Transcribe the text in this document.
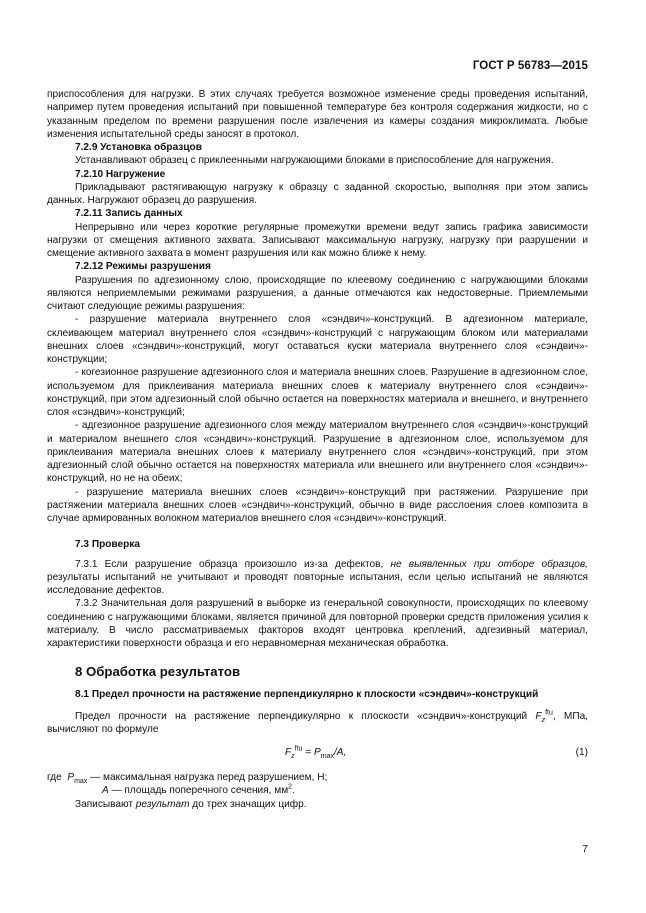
ГОСТ Р 56783—2015

приспособления для нагрузки. В этих случаях требуется возможное изменение среды проведения испытаний, например путем проведения испытаний при повышенной температуре без контроля содержания жидкости, но с указанным пределом по времени разрушения после извлечения из камеры создания микроклимата. Любые изменения испытательной среды заносят в протокол.

7.2.9 Установка образцов

Устанавливают образец с приклеенными нагружающими блоками в приспособление для нагружения.

7.2.10 Нагружение

Прикладывают растягивающую нагрузку к образцу с заданной скоростью, выполняя при этом запись данных. Нагружают образец до разрушения.

7.2.11 Запись данных

Непрерывно или через короткие регулярные промежутки времени ведут запись графика зависимости нагрузки от смещения активного захвата. Записывают максимальную нагрузку, нагрузку при разрушении и смещение активного захвата в момент разрушения или как можно ближе к нему.

7.2.12 Режимы разрушения

Разрушения по адгезионному слою, происходящие по клеевому соединению с нагружающими блоками являются неприемлемыми режимами разрушения, а данные отмечаются как недостоверные. Приемлемыми считают следующие режимы разрушения:

- разрушение материала внутреннего слоя «сэндвич»-конструкций. В адгезионном материале, склеивающем материал внутреннего слоя «сэндвич»-конструкций с нагружающим блоком или материалами внешних слоев «сэндвич»-конструкций, могут оставаться куски материала внутреннего слоя «сэндвич»-конструкции;

- когезионное разрушение адгезионного слоя и материала внешних слоев. Разрушение в адгезионном слое, используемом для приклеивания материала внешних слоев к материалу внутреннего слоя «сэндвич»-конструкций, при этом адгезионный слой обычно остается на поверхностях материала и внешнего, и внутреннего слоя «сэндвич»-конструкций;

- адгезионное разрушение адгезионного слоя между материалом внутреннего слоя «сэндвич»-конструкций и материалом внешнего слоя «сэндвич»-конструкций. Разрушение в адгезионном слое, используемом для приклеивания материала внешних слоев к материалу внутреннего слоя «сэндвич»-конструкций, при этом адгезионный слой обычно остается на поверхностях материала или внешнего или внутреннего слоя «сэндвич»-конструкций, но не на обеих;

- разрушение материала внешних слоев «сэндвич»-конструкций при растяжении. Разрушение при растяжении материала внешних слоев «сэндвич»-конструкций, обычно в виде расслоения слоев композита в случае армированных волокном материалов внешнего слоя «сэндвич»-конструкций.

7.3 Проверка

7.3.1 Если разрушение образца произошло из-за дефектов, не выявленных при отборе образцов, результаты испытаний не учитывают и проводят повторные испытания, если целью испытаний не являются исследование дефектов.

7.3.2 Значительная доля разрушений в выборке из генеральной совокупности, происходящих по клеевому соединению с нагружающими блоками, является причиной для повторной проверки средств приложения усилия к материалу. В число рассматриваемых факторов входят центровка креплений, адгезивный материал, характеристики поверхности образца и его неравномерная механическая обработка.

8 Обработка результатов

8.1 Предел прочности на растяжение перпендикулярно к плоскости «сэндвич»-конструкций

Предел прочности на растяжение перпендикулярно к плоскости «сэндвич»-конструкций $F_z^{ftu}$, МПа, вычисляют по формуле

$F_z^{ftu} = P_{max}/A$,	(1)

где $P_{max}$ — максимальная нагрузка перед разрушением, Н;

A — площадь поперечного сечения, $мм^2$.

Записывают результат до трех значащих цифр.

7
